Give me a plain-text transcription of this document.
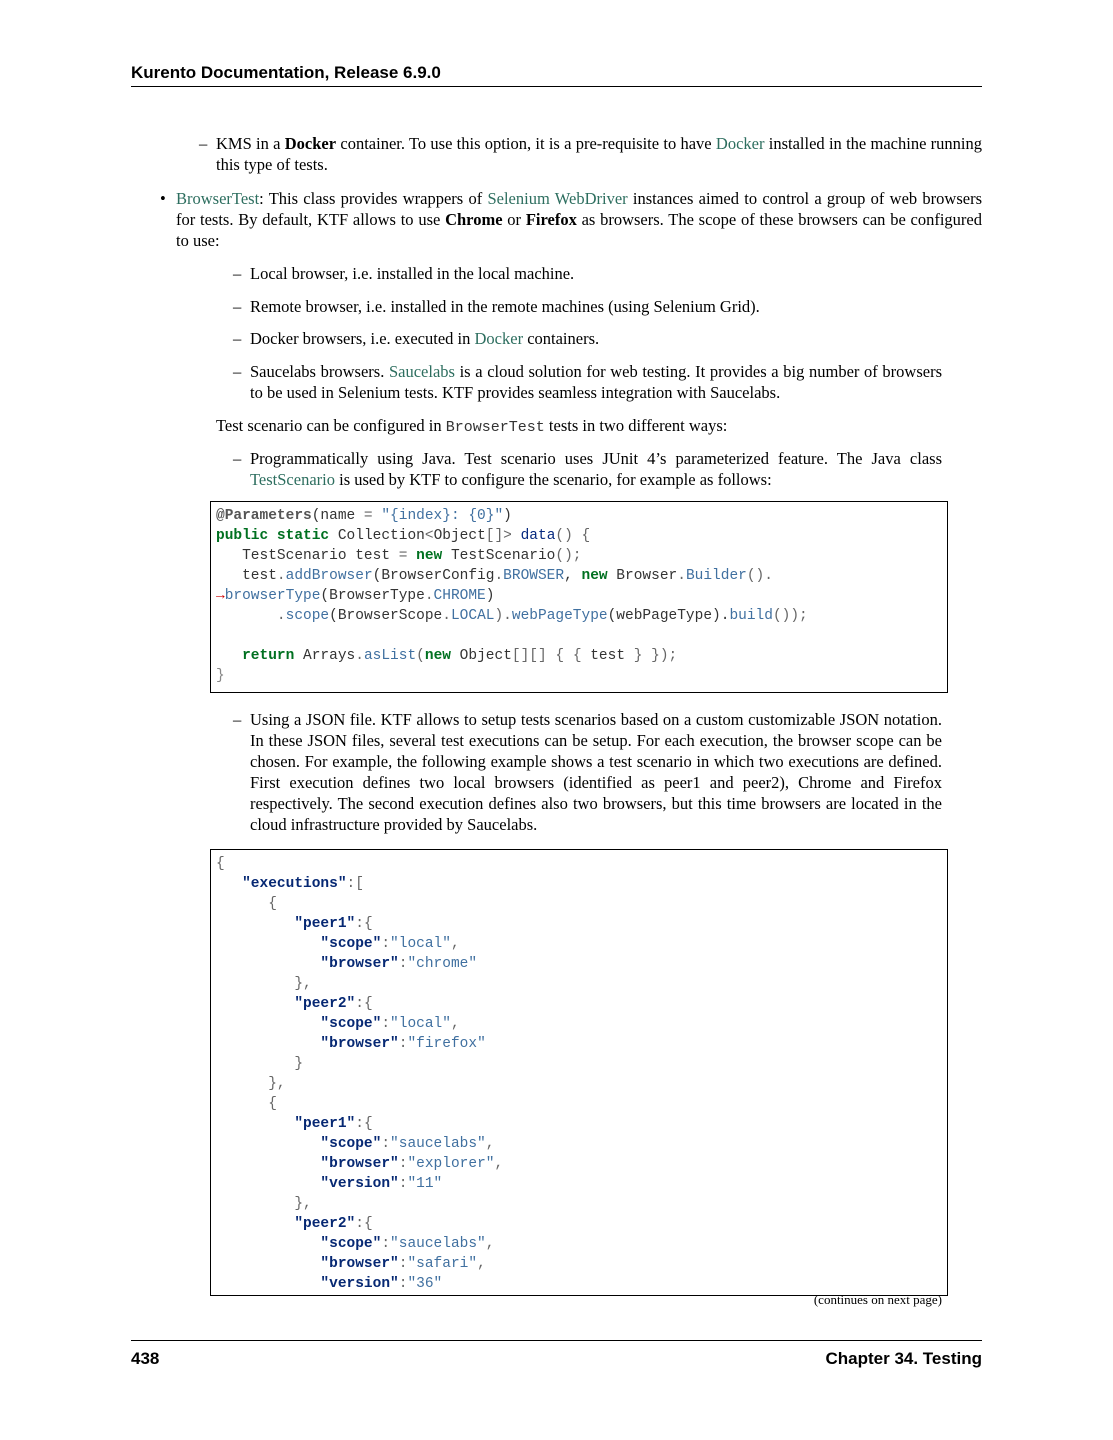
Kurento Documentation, Release 6.9.0
– KMS in a Docker container. To use this option, it is a pre-requisite to have Docker installed in the machine running this type of tests.
• BrowserTest: This class provides wrappers of Selenium WebDriver instances aimed to control a group of web browsers for tests. By default, KTF allows to use Chrome or Firefox as browsers. The scope of these browsers can be configured to use:
– Local browser, i.e. installed in the local machine.
– Remote browser, i.e. installed in the remote machines (using Selenium Grid).
– Docker browsers, i.e. executed in Docker containers.
– Saucelabs browsers. Saucelabs is a cloud solution for web testing. It provides a big number of browsers to be used in Selenium tests. KTF provides seamless integration with Saucelabs.
Test scenario can be configured in BrowserTest tests in two different ways:
– Programmatically using Java. Test scenario uses JUnit 4’s parameterized feature. The Java class TestScenario is used by KTF to configure the scenario, for example as follows:
@Parameters(name = "{index}: {0}")
public static Collection<Object[]> data() {
TestScenario test = new TestScenario();
test.addBrowser(BrowserConfig.BROWSER, new Browser.Builder().
→browserType(BrowserType.CHROME)
.scope(BrowserScope.LOCAL).webPageType(webPageType).build());

return Arrays.asList(new Object[][] { { test } });
}
– Using a JSON file. KTF allows to setup tests scenarios based on a custom customizable JSON notation. In these JSON files, several test executions can be setup. For each execution, the browser scope can be chosen. For example, the following example shows a test scenario in which two executions are defined. First execution defines two local browsers (identified as peer1 and peer2), Chrome and Firefox respectively. The second execution defines also two browsers, but this time browsers are located in the cloud infrastructure provided by Saucelabs.
{
"executions":[
{
"peer1":{
"scope":"local",
"browser":"chrome"
},
"peer2":{
"scope":"local",
"browser":"firefox"
}
},
{
"peer1":{
"scope":"saucelabs",
"browser":"explorer",
"version":"11"
},
"peer2":{
"scope":"saucelabs",
"browser":"safari",
"version":"36"
(continues on next page)
438	Chapter 34. Testing
